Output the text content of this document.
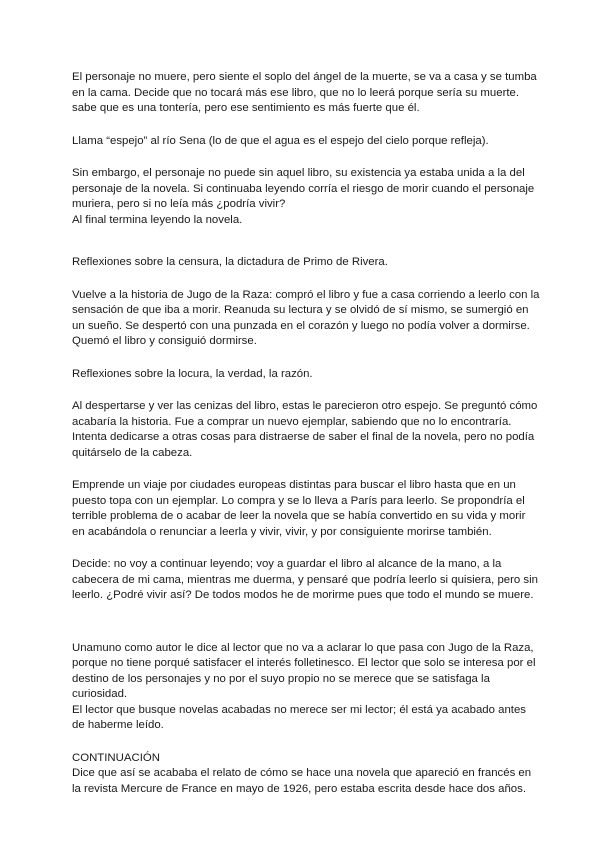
El personaje no muere, pero siente el soplo del ángel de la muerte, se va a casa y se tumba en la cama. Decide que no tocará más ese libro, que no lo leerá porque sería su muerte. sabe que es una tontería, pero ese sentimiento es más fuerte que él.

Llama “espejo” al río Sena (lo de que el agua es el espejo del cielo porque refleja).

Sin embargo, el personaje no puede sin aquel libro, su existencia ya estaba unida a la del personaje de la novela. Si continuaba leyendo corría el riesgo de morir cuando el personaje muriera, pero si no leía más ¿podría vivir?
Al final termina leyendo la novela.

Reflexiones sobre la censura, la dictadura de Primo de Rivera.

Vuelve a la historia de Jugo de la Raza: compró el libro y fue a casa corriendo a leerlo con la sensación de que iba a morir. Reanuda su lectura y se olvidó de sí mismo, se sumergió en un sueño. Se despertó con una punzada en el corazón y luego no podía volver a dormirse. Quemó el libro y consiguió dormirse.

Reflexiones sobre la locura, la verdad, la razón.

Al despertarse y ver las cenizas del libro, estas le parecieron otro espejo. Se preguntó cómo acabaría la historia. Fue a comprar un nuevo ejemplar, sabiendo que no lo encontraría. Intenta dedicarse a otras cosas para distraerse de saber el final de la novela, pero no podía quitárselo de la cabeza.

Emprende un viaje por ciudades europeas distintas para buscar el libro hasta que en un puesto topa con un ejemplar. Lo compra y se lo lleva a París para leerlo. Se propondría el terrible problema de o acabar de leer la novela que se había convertido en su vida y morir en acabándola o renunciar a leerla y vivir, vivir, y por consiguiente morirse también.

Decide: no voy a continuar leyendo; voy a guardar el libro al alcance de la mano, a la cabecera de mi cama, mientras me duerma, y pensaré que podría leerlo si quisiera, pero sin leerlo. ¿Podré vivir así? De todos modos he de morirme pues que todo el mundo se muere.

Unamuno como autor le dice al lector que no va a aclarar lo que pasa con Jugo de la Raza, porque no tiene porqué satisfacer el interés folletinesco. El lector que solo se interesa por el destino de los personajes y no por el suyo propio no se merece que se satisfaga la curiosidad.
El lector que busque novelas acabadas no merece ser mi lector; él está ya acabado antes de haberme leído.

CONTINUACIÓN

Dice que así se acababa el relato de cómo se hace una novela que apareció en francés en la revista Mercure de France en mayo de 1926, pero estaba escrita desde hace dos años.
